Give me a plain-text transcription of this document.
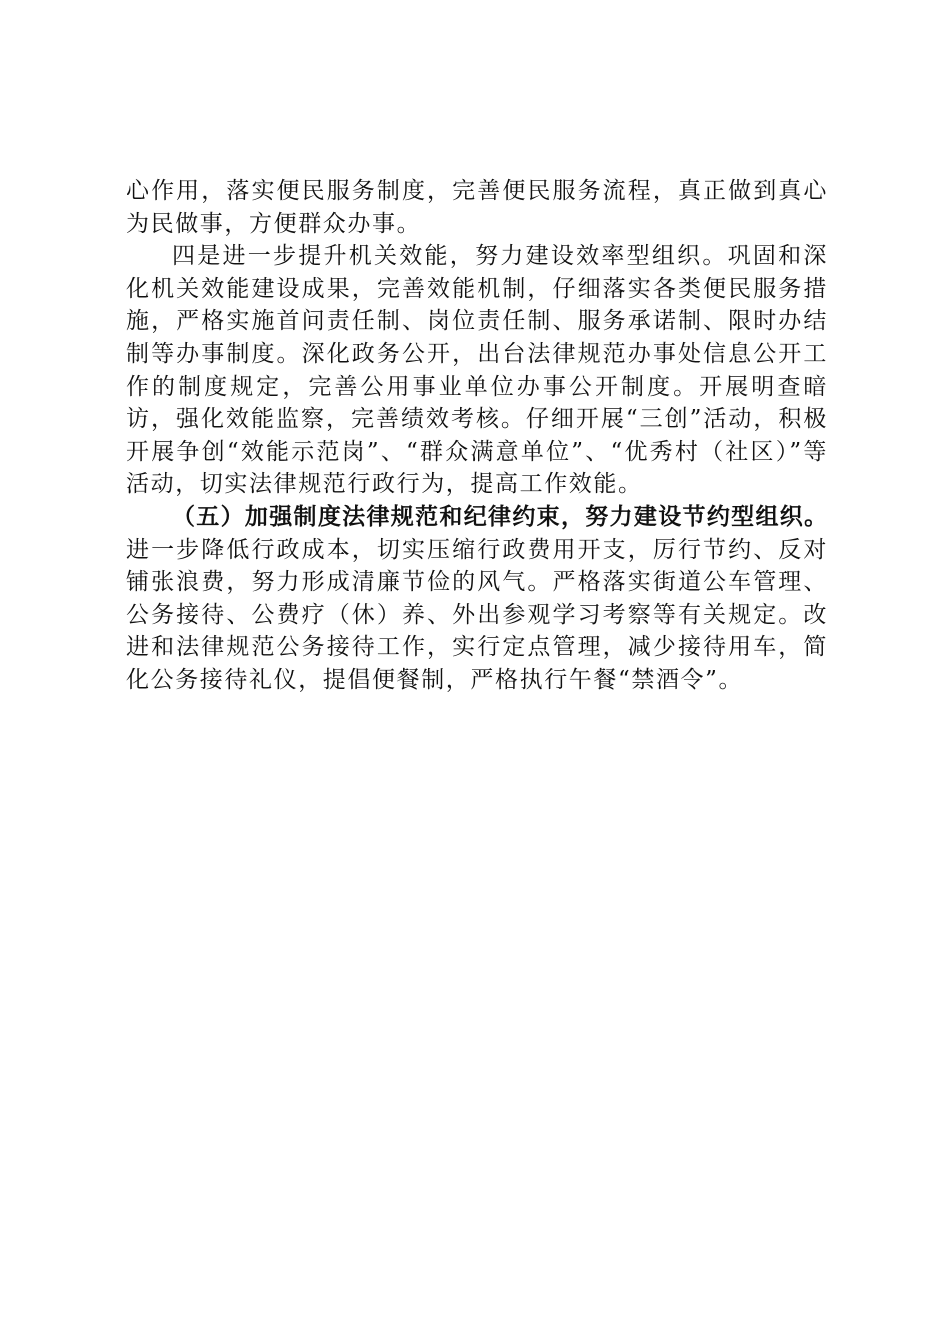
心作用，落实便民服务制度，完善便民服务流程，真正做到真心为民做事，方便群众办事。

四是进一步提升机关效能，努力建设效率型组织。巩固和深化机关效能建设成果，完善效能机制，仔细落实各类便民服务措施，严格实施首问责任制、岗位责任制、服务承诺制、限时办结制等办事制度。深化政务公开，出台法律规范办事处信息公开工作的制度规定，完善公用事业单位办事公开制度。开展明查暗访，强化效能监察，完善绩效考核。仔细开展“三创”活动，积极开展争创“效能示范岗”、“群众满意单位”、“优秀村（社区）”等活动，切实法律规范行政行为，提高工作效能。

（五）加强制度法律规范和纪律约束，努力建设节约型组织。进一步降低行政成本，切实压缩行政费用开支，厉行节约、反对铺张浪费，努力形成清廉节俭的风气。严格落实街道公车管理、公务接待、公费疗（休）养、外出参观学习考察等有关规定。改进和法律规范公务接待工作，实行定点管理，减少接待用车，简化公务接待礼仪，提倡便餐制，严格执行午餐“禁酒令”。
